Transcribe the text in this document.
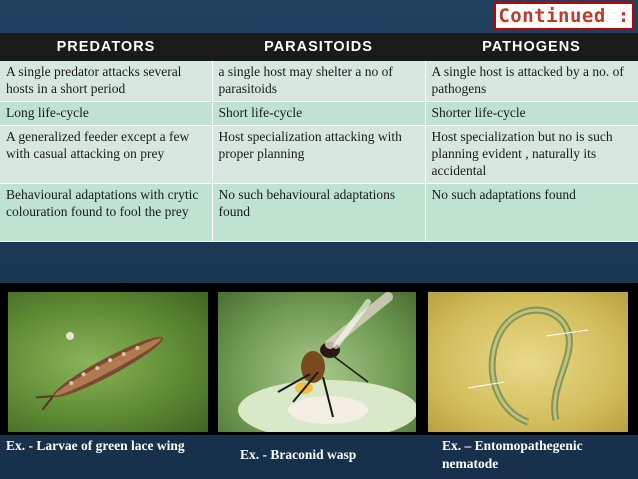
Continued :
PREDATORS	PARASITOIDS	PATHOGENS
A single predator attacks several hosts in a short period	a single host may shelter a no of parasitoids	A single host is attacked by a no. of pathogens
Long life-cycle	Short life-cycle	Shorter life-cycle
A generalized feeder except a few with casual attacking on prey	Host specialization attacking with proper planning	Host specialization but no is such planning evident , naturally its accidental
Behavioural adaptations with crytic colouration found to fool the prey	No such behavioural adaptations found	No such adaptations found
Ex. - Larvae of green lace wing
Ex. - Braconid wasp
Ex. – Entomopathegenic nematode
